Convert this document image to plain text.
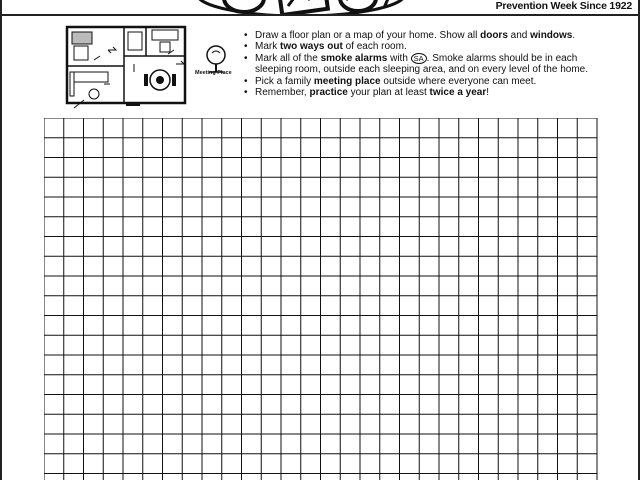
Prevention Week Since 1922
Meeting Place
• Draw a floor plan or a map of your home. Show all doors and windows.
• Mark two ways out of each room.
• Mark all of the smoke alarms with SA . Smoke alarms should be in each sleeping room, outside each sleeping area, and on every level of the home.
• Pick a family meeting place outside where everyone can meet.
• Remember, practice your plan at least twice a year!
